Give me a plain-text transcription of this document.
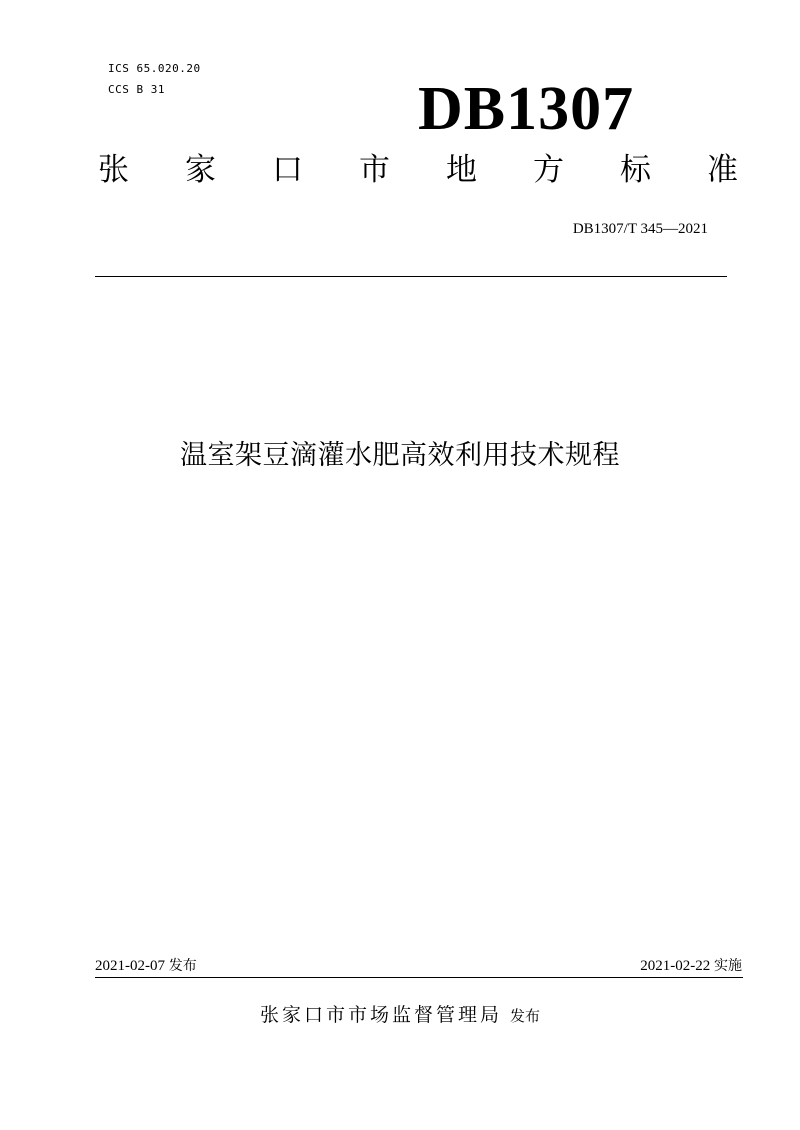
ICS 65.020.20
CCS B 31	DB1307
张 家 口 市 地 方 标 准
DB1307/T 345—2021
温室架豆滴灌水肥高效利用技术规程
2021-02-07 发布	2021-02-22 实施
张家口市市场监督管理局 发布
